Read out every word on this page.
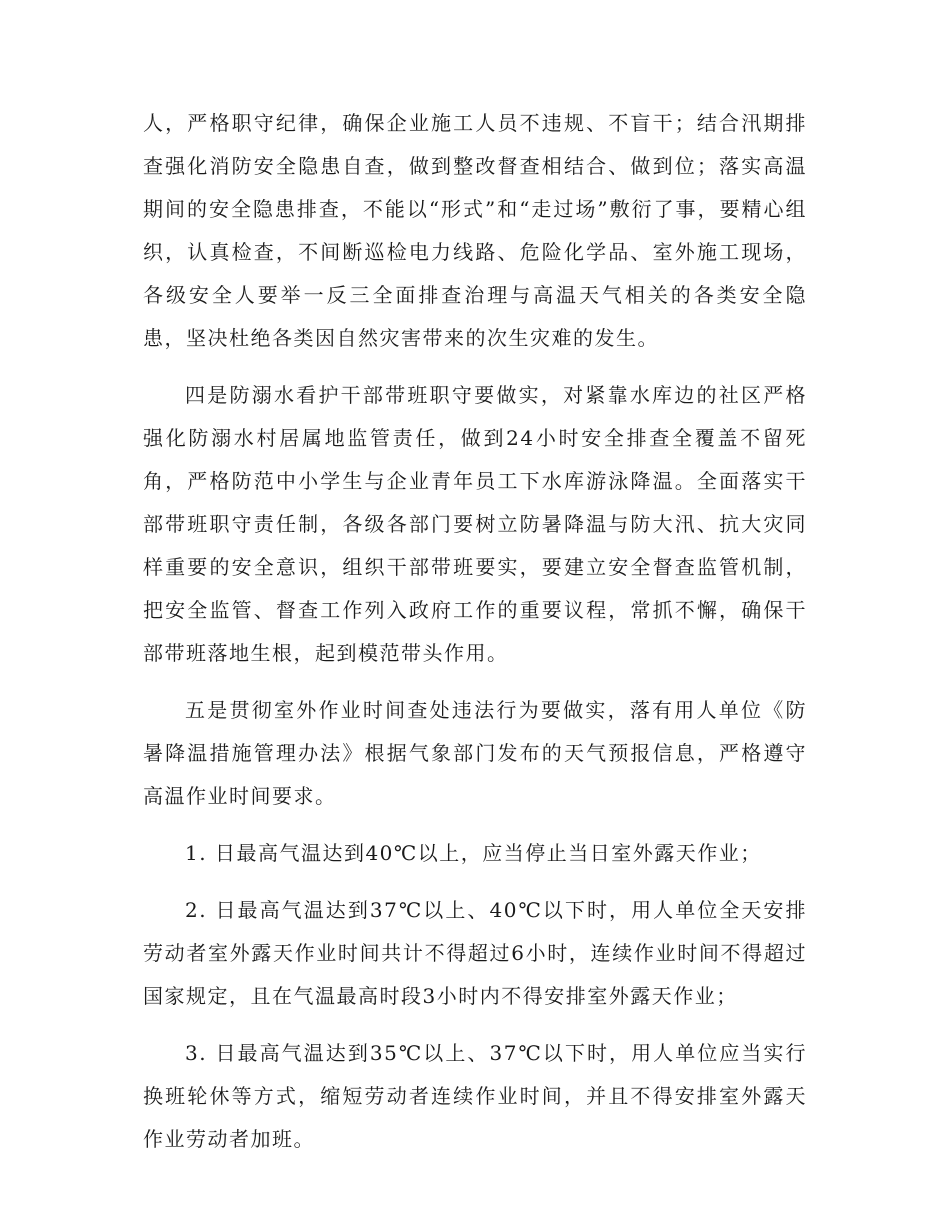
人，严格职守纪律，确保企业施工人员不违规、不盲干；结合汛期排查强化消防安全隐患自查，做到整改督查相结合、做到位；落实高温期间的安全隐患排查，不能以“形式”和“走过场”敷衍了事，要精心组织，认真检查，不间断巡检电力线路、危险化学品、室外施工现场，各级安全人要举一反三全面排查治理与高温天气相关的各类安全隐患，坚决杜绝各类因自然灾害带来的次生灾难的发生。

四是防溺水看护干部带班职守要做实，对紧靠水库边的社区严格强化防溺水村居属地监管责任，做到24小时安全排查全覆盖不留死角，严格防范中小学生与企业青年员工下水库游泳降温。全面落实干部带班职守责任制，各级各部门要树立防暑降温与防大汛、抗大灾同样重要的安全意识，组织干部带班要实，要建立安全督查监管机制，把安全监管、督查工作列入政府工作的重要议程，常抓不懈，确保干部带班落地生根，起到模范带头作用。

五是贯彻室外作业时间查处违法行为要做实，落有用人单位《防暑降温措施管理办法》根据气象部门发布的天气预报信息，严格遵守高温作业时间要求。

1. 日最高气温达到40℃以上，应当停止当日室外露天作业；

2. 日最高气温达到37℃以上、40℃以下时，用人单位全天安排劳动者室外露天作业时间共计不得超过6小时，连续作业时间不得超过国家规定，且在气温最高时段3小时内不得安排室外露天作业；

3. 日最高气温达到35℃以上、37℃以下时，用人单位应当实行换班轮休等方式，缩短劳动者连续作业时间，并且不得安排室外露天作业劳动者加班。
